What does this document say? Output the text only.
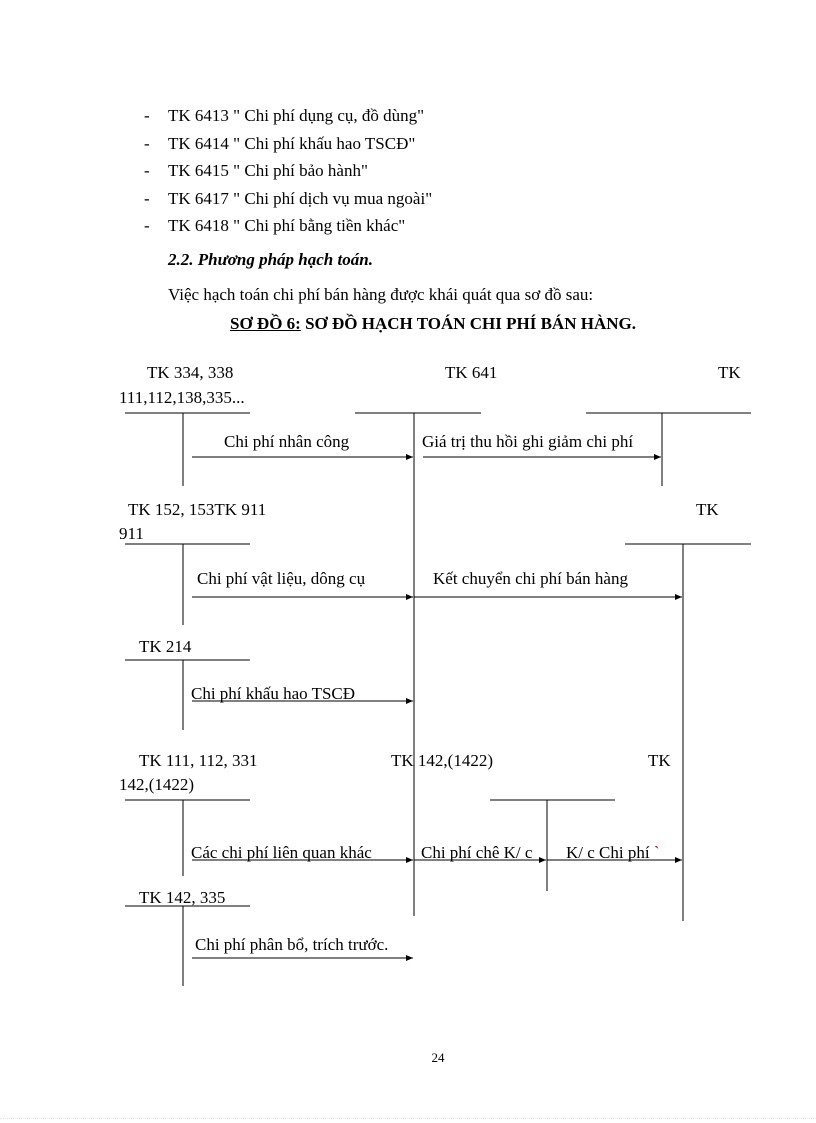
- TK 6413 " Chi phí dụng cụ, đồ dùng"
- TK 6414 " Chi phí khấu hao TSCĐ"
- TK 6415 " Chi phí bảo hành"
- TK 6417 " Chi phí dịch vụ mua ngoài"
- TK 6418 " Chi phí bằng tiền khác"
2.2. Phương pháp hạch toán.
Việc hạch toán chi phí bán hàng được khái quát qua sơ đồ sau:
SƠ ĐỒ 6: SƠ ĐỒ HẠCH TOÁN CHI PHÍ BÁN HÀNG.
TK 334, 338
111,112,138,335...
TK 641	TK
TK 152, 153TK 911
911
TK
TK 214
TK 111, 112, 331
142,(1422)
TK 142,(1422)	TK
TK 142, 335
Chi phí nhân công	Giá trị thu hồi ghi giảm chi phí
Chi phí vật liệu, dông cụ	Kết chuyển chi phí bán hàng
Chi phí khấu hao TSCĐ
Các chi phí liên quan khác	Chi phí chê K/ c K/ c Chi phí `
Chi phí phân bổ, trích trước.
24
